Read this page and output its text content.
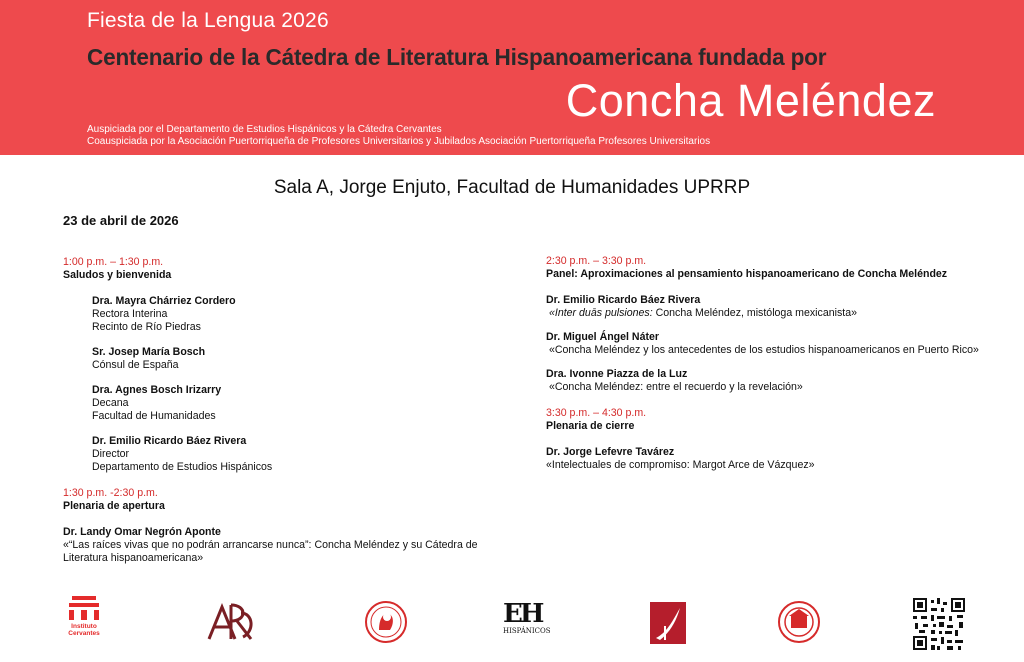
Fiesta de la Lengua 2026
Centenario de la Cátedra de Literatura Hispanoamericana fundada por
Concha Meléndez
Auspiciada por el Departamento de Estudios Hispánicos y la Cátedra Cervantes
Coauspiciada por la Asociación Puertorriqueña de Profesores Universitarios y Jubilados Asociación Puertorriqueña Profesores Universitarios
Sala A, Jorge Enjuto, Facultad de Humanidades UPRRP
23 de abril de 2026
1:00 p.m. – 1:30 p.m.
Saludos y bienvenida
Dra. Mayra Chárriez Cordero
Rectora Interina
Recinto de Río Piedras
Sr. Josep María Bosch
Cónsul de España
Dra. Agnes Bosch Irizarry
Decana
Facultad de Humanidades
Dr. Emilio Ricardo Báez Rivera
Director
Departamento de Estudios Hispánicos
1:30 p.m. -2:30 p.m.
Plenaria de apertura
Dr. Landy Omar Negrón Aponte
«“Las raíces vivas que no podrán arrancarse nunca”: Concha Meléndez y su Cátedra de
Literatura hispanoamericana»
2:30 p.m. – 3:30 p.m.
Panel: Aproximaciones al pensamiento hispanoamericano de Concha Meléndez
Dr. Emilio Ricardo Báez Rivera
«Inter duās pulsiones: Concha Meléndez, mistóloga mexicanista»
Dr. Miguel Ángel Náter
«Concha Meléndez y los antecedentes de los estudios hispanoamericanos en Puerto Rico»
Dra. Ivonne Piazza de la Luz
«Concha Meléndez: entre el recuerdo y la revelación»
3:30 p.m. – 4:30 p.m.
Plenaria de cierre
Dr. Jorge Lefevre Tavárez
«Intelectuales de compromiso: Margot Arce de Vázquez»
Instituto
Cervantes
EH
HISPÁNICOS
